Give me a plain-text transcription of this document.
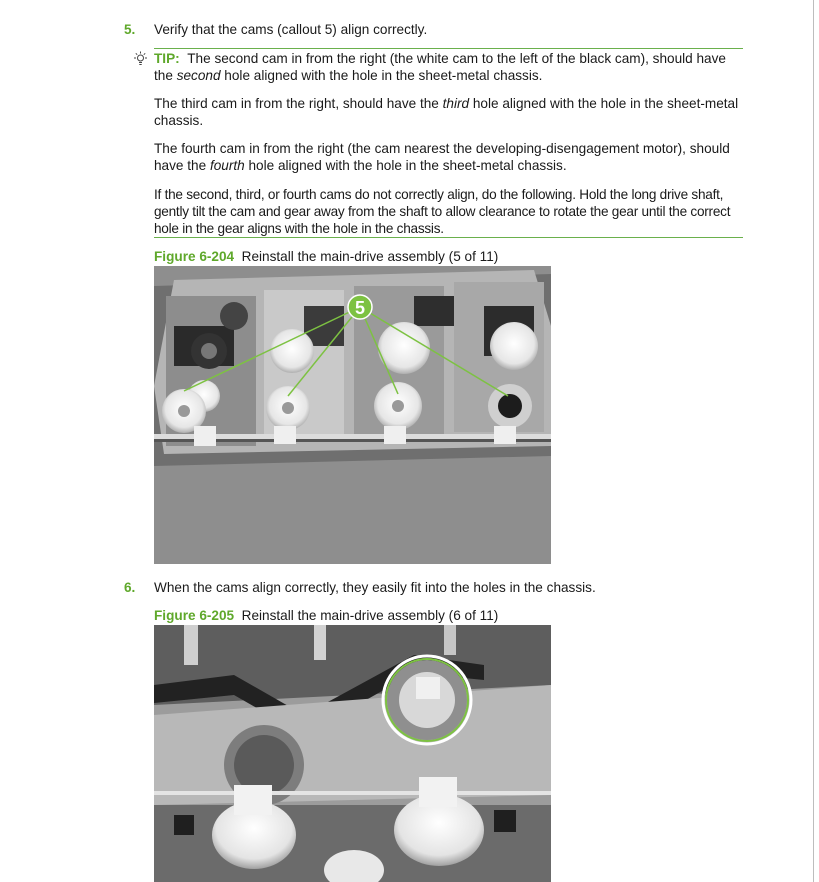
5. Verify that the cams (callout 5) align correctly.
TIP: The second cam in from the right (the white cam to the left of the black cam), should have the second hole aligned with the hole in the sheet-metal chassis.
The third cam in from the right, should have the third hole aligned with the hole in the sheet-metal chassis.
The fourth cam in from the right (the cam nearest the developing-disengagement motor), should have the fourth hole aligned with the hole in the sheet-metal chassis.
If the second, third, or fourth cams do not correctly align, do the following. Hold the long drive shaft, gently tilt the cam and gear away from the shaft to allow clearance to rotate the gear until the correct hole in the gear aligns with the hole in the chassis.
Figure 6-204 Reinstall the main-drive assembly (5 of 11)
5
6. When the cams align correctly, they easily fit into the holes in the chassis.
Figure 6-205 Reinstall the main-drive assembly (6 of 11)
